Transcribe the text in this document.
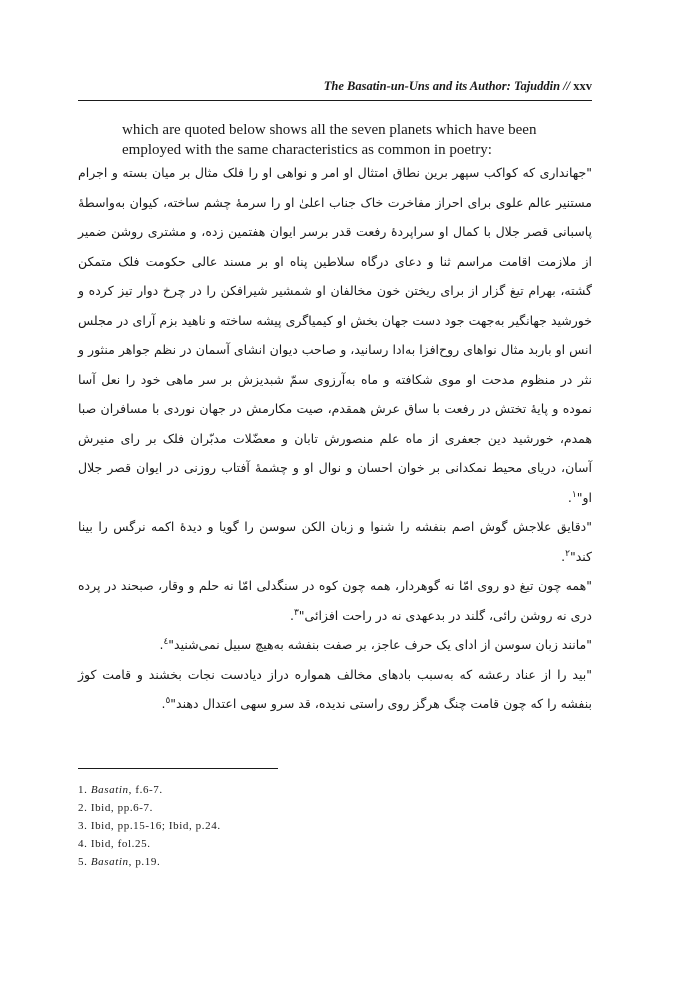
The Basatin-un-Uns and its Author: Tajuddin // xxv
which are quoted below shows all the seven planets which have been
employed with the same characteristics as common in poetry:

"جهانداری که کواکب سپهر برین نطاق امتثال او امر و نواهی او را فلک مثال بر میان بسته و اجرام مستنیر عالم علوی برای احراز مفاخرت خاک جناب اعلیٰ او را سرمهٔ چشم ساخته، کیوان به‌واسطهٔ پاسبانی قصر جلال با کمال او سراپردهٔ رفعت قدر برسر ایوان هفتمین زده، و مشتری روشن ضمیر از ملازمت اقامت مراسم ثنا و دعای درگاه سلاطین پناه او بر مسند عالی حکومت فلک متمکن گشته، بهرام تیغ گزار از برای ریختن خون مخالفان او شمشیر شیرافکن را در چرخ دوار تیز کرده و خورشید جهانگیر به‌جهت جود دست جهان بخش او کیمیاگری پیشه ساخته و ناهید بزم آرای در مجلس انس او باربد مثال نواهای روح‌افزا به‌ادا رسانید، و صاحب دیوان انشای آسمان در نظم جواهر منثور و نثر در منظوم مدحت او موی شکافته و ماه به‌آرزوی سمّ شبدیزش بر سر ماهی خود را نعل آسا نموده و پایهٔ تختش در رفعت با ساق عرش همقدم، صیت مکارمش در جهان نوردی با مسافران صبا همدم، خورشید دین جعفری از ماه علم منصورش تابان و معضّلات مدبّران فلک بر رای منیرش آسان، دریای محیط نمکدانی بر خوان احسان و نوال او و چشمهٔ آفتاب روزنی در ایوان قصر جلال او"$^١$.

"دقایق علاجش گوش اصم بنفشه را شنوا و زبان الکن سوسن را گویا و دیدهٔ اکمه نرگس را بینا کند"$^٢$.

"همه چون تیغ دو روی امّا نه گوهردار، همه چون کوه در سنگدلی امّا نه حلم و وقار، صبحند در پرده دری نه روشن رائی، گلند در بدعهدی نه در راحت افزائی"$^٣$.

"مانند زبان سوسن از ادای یک حرف عاجز، بر صفت بنفشه به‌هیچ سبیل نمی‌شنید"$^٤$.

"بید را از عناد رعشه که به‌سبب بادهای مخالف همواره دراز دیادست نجات بخشند و قامت کوژ بنفشه را که چون قامت چنگ هرگز روی راستی ندیده، قد سرو سهی اعتدال دهند"$^٥$.

1. Basatin, f.6-7.
2. Ibid, pp.6-7.
3. Ibid, pp.15-16; Ibid, p.24.
4. Ibid, fol.25.
5. Basatin, p.19.
